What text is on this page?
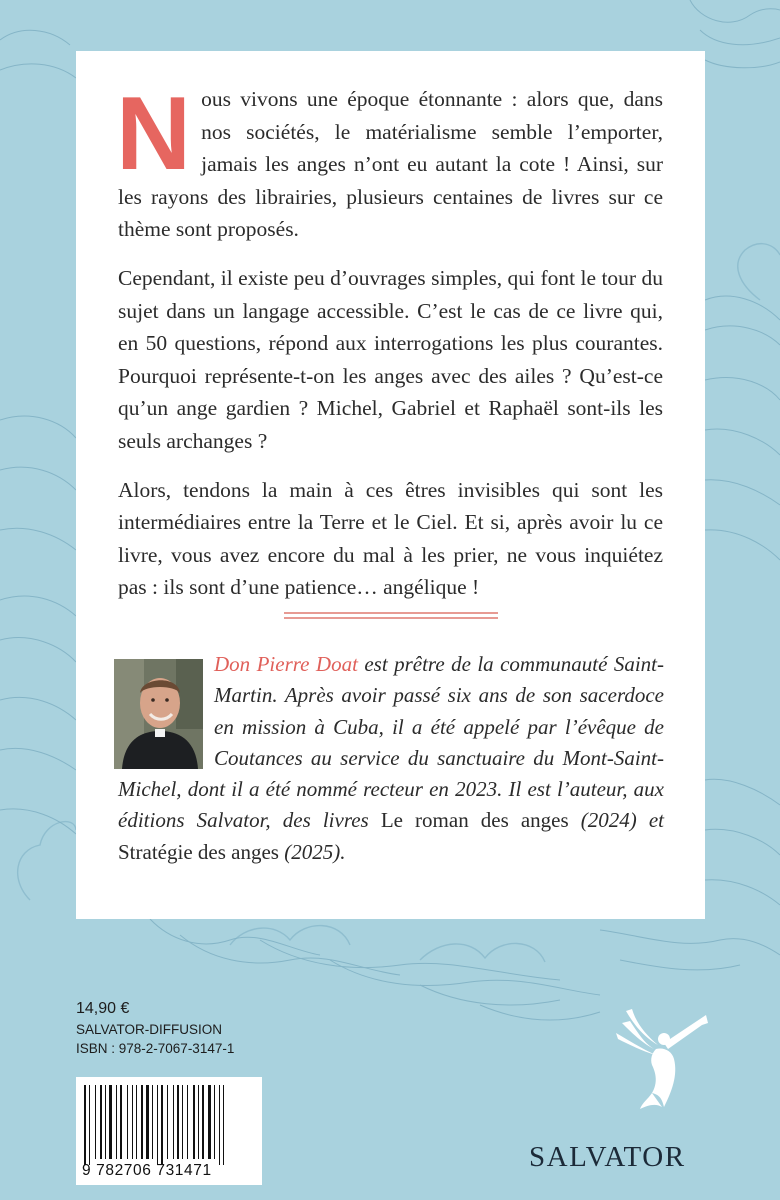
Nous vivons une époque étonnante : alors que, dans nos sociétés, le matérialisme semble l’emporter, jamais les anges n’ont eu autant la cote ! Ainsi, sur les rayons des librairies, plusieurs centaines de livres sur ce thème sont proposés.

Cependant, il existe peu d’ouvrages simples, qui font le tour du sujet dans un langage accessible. C’est le cas de ce livre qui, en 50 questions, répond aux interrogations les plus courantes. Pourquoi représente-t-on les anges avec des ailes ? Qu’est-ce qu’un ange gardien ? Michel, Gabriel et Raphaël sont-ils les seuls archanges ?

Alors, tendons la main à ces êtres invisibles qui sont les intermédiaires entre la Terre et le Ciel. Et si, après avoir lu ce livre, vous avez encore du mal à les prier, ne vous inquiétez pas : ils sont d’une patience… angélique !

Don Pierre Doat est prêtre de la communauté Saint-Martin. Après avoir passé six ans de son sacerdoce en mission à Cuba, il a été appelé par l’évêque de Coutances au service du sanctuaire du Mont-Saint-Michel, dont il a été nommé recteur en 2023. Il est l’auteur, aux éditions Salvator, des livres Le roman des anges (2024) et Stratégie des anges (2025).
14,90 €
SALVATOR-DIFFUSION
ISBN : 978-2-7067-3147-1
9 782706 731471	SALVATOR
